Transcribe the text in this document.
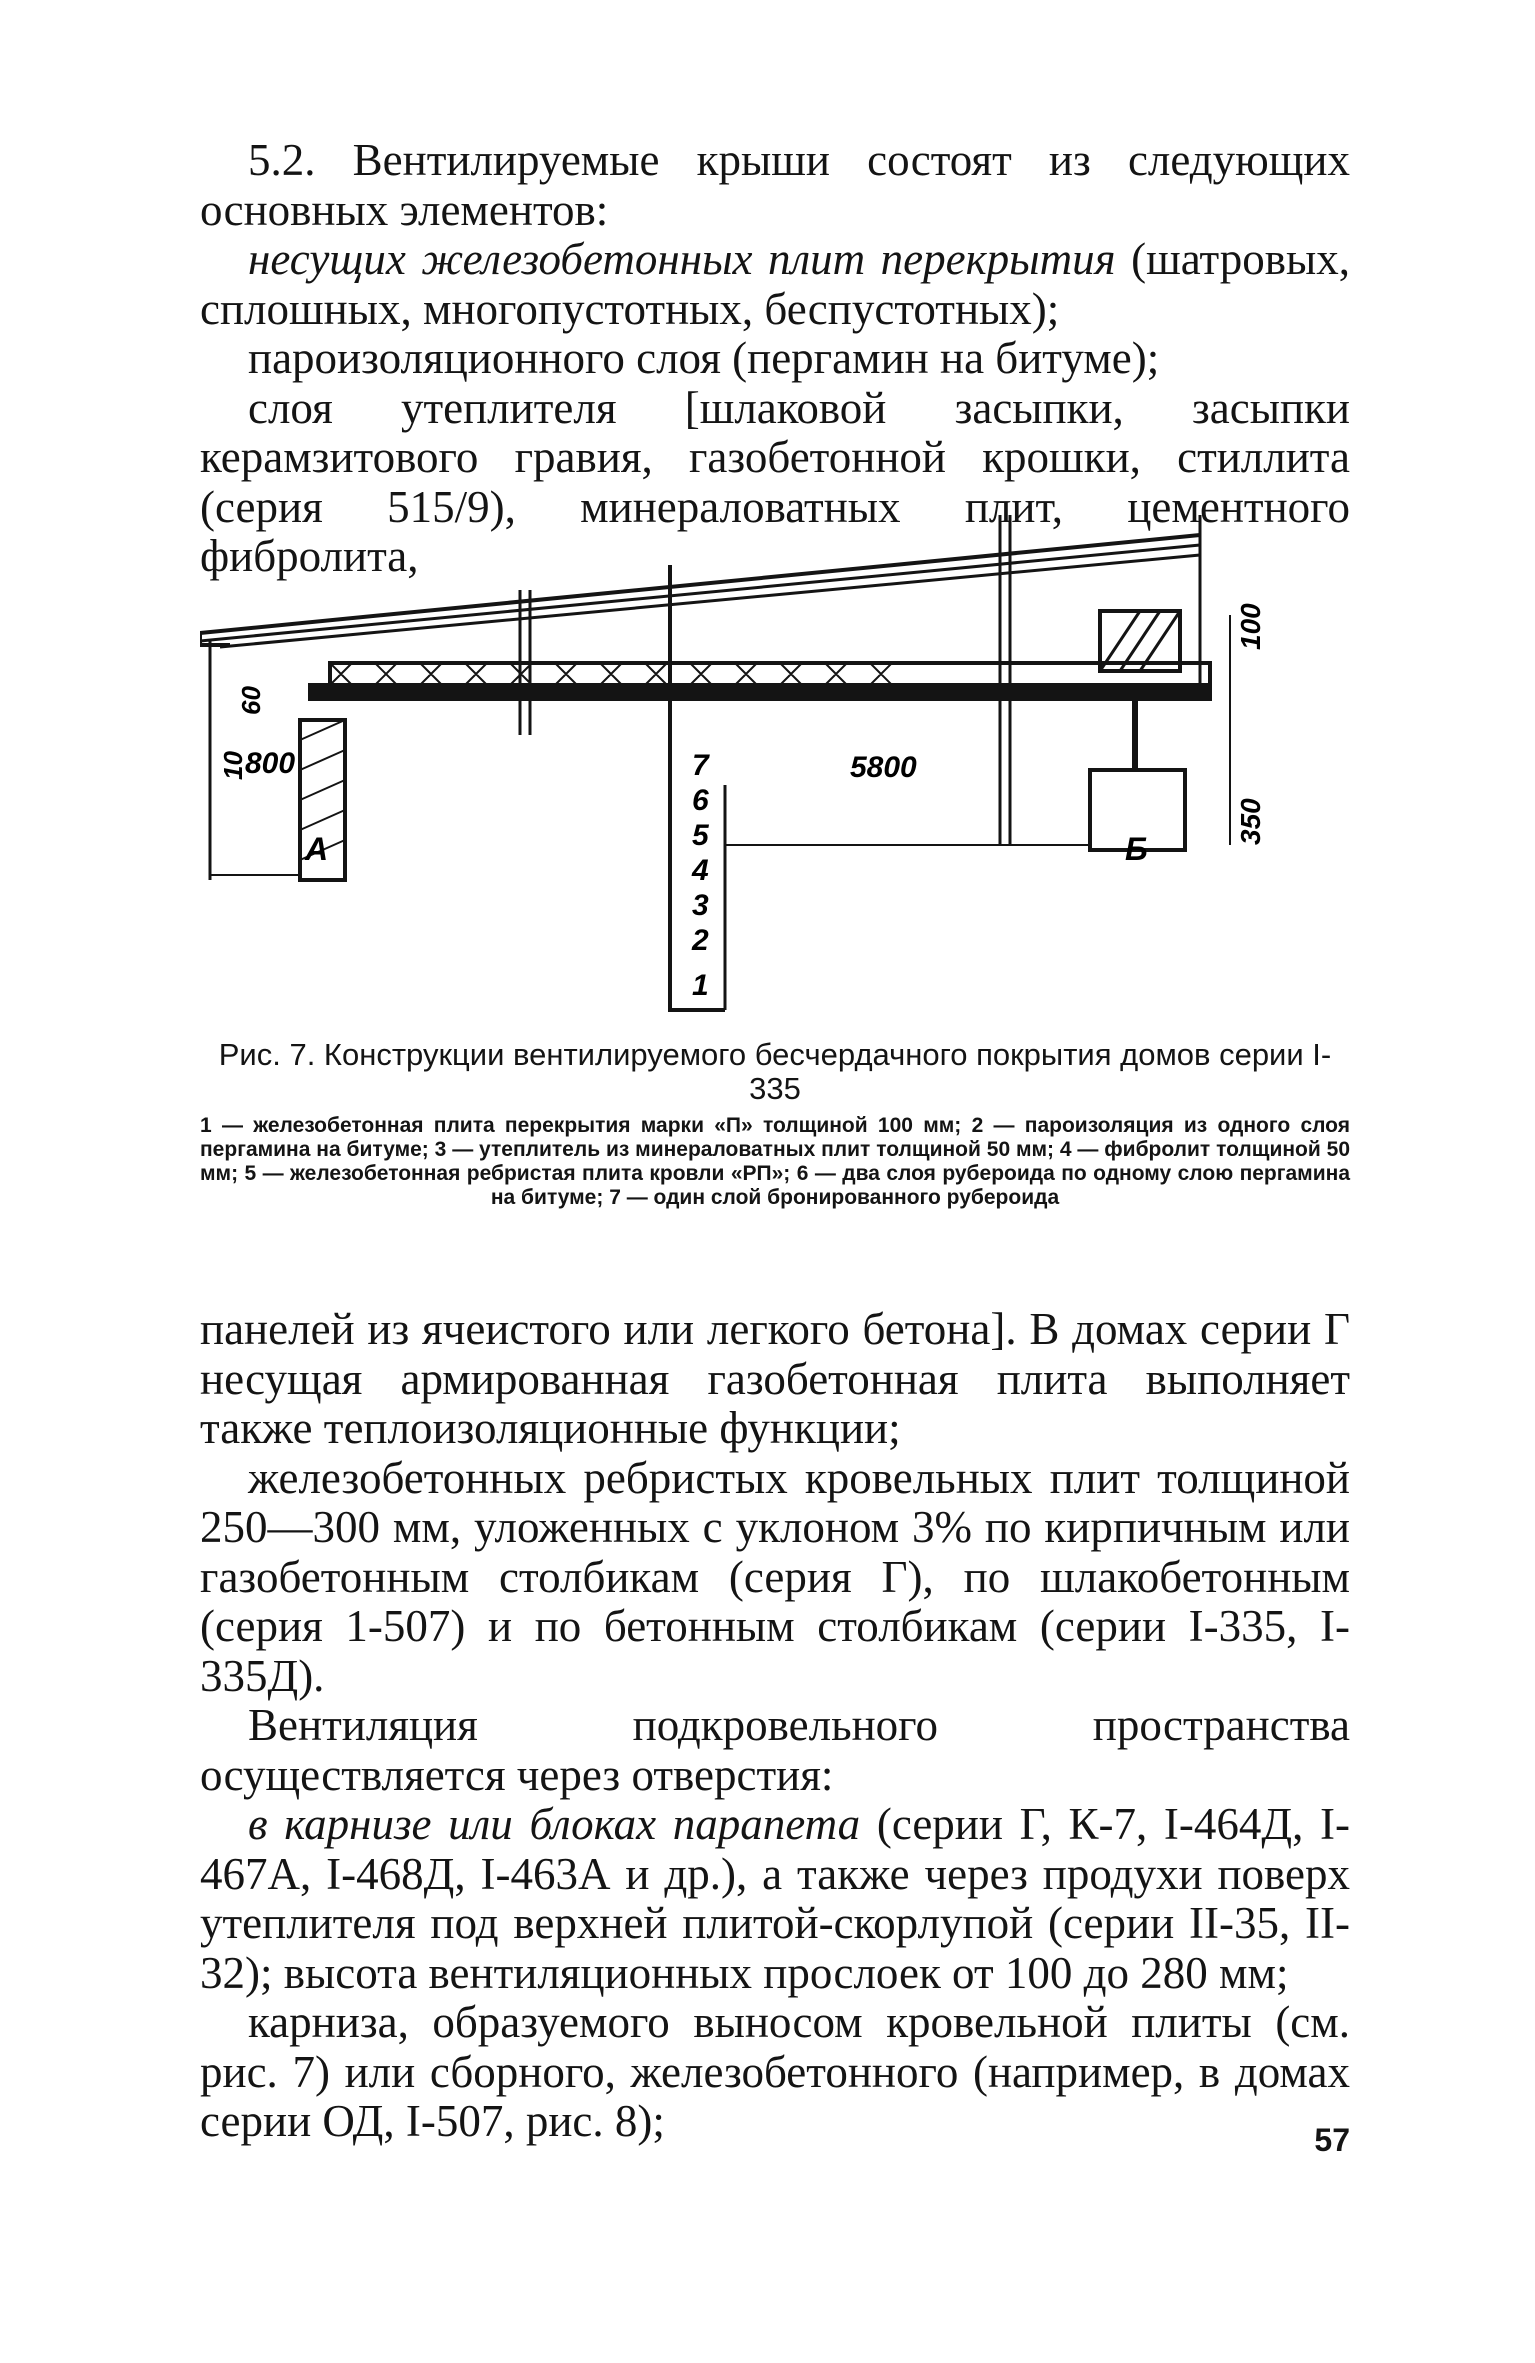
5.2. Вентилируемые крыши состоят из следующих основных элементов:

несущих железобетонных плит перекрытия (шатровых, сплошных, многопустотных, беспустотных);

пароизоляционного слоя (пергамин на битуме);

слоя утеплителя [шлаковой засыпки, засыпки керамзитового гравия, газобетонной крошки, стиллита (серия 515/9), минераловатных плит, цементного фибролита,

10
60
800	5800
100
350
А	Б
7
6
5
4
3
2
1
Рис. 7. Конструкции вентилируемого бесчердачного покрытия домов серии I-335
1 — железобетонная плита перекрытия марки «П» толщиной 100 мм; 2 — пароизоляция из одного слоя пергамина на битуме; 3 — утеплитель из минераловатных плит толщиной 50 мм; 4 — фибролит толщиной 50 мм; 5 — железобетонная ребристая плита кровли «РП»; 6 — два слоя рубероида по одному слою пергамина на битуме; 7 — один слой бронированного рубероида

панелей из ячеистого или легкого бетона]. В домах серии Г несущая армированная газобетонная плита выполняет также теплоизоляционные функции;

железобетонных ребристых кровельных плит толщиной 250—300 мм, уложенных с уклоном 3% по кирпичным или газобетонным столбикам (серия Г), по шлакобетонным (серия 1-507) и по бетонным столбикам (серии I-335, I-335Д).

Вентиляция подкровельного пространства осуществляется через отверстия:

в карнизе или блоках парапета (серии Г, К-7, I-464Д, I-467А, I-468Д, I-463А и др.), а также через продухи поверх утеплителя под верхней плитой-скорлупой (серии II-35, II-32); высота вентиляционных прослоек от 100 до 280 мм;

карниза, образуемого выносом кровельной плиты (см. рис. 7) или сборного, железобетонного (например, в домах серии ОД, I-507, рис. 8);	57
